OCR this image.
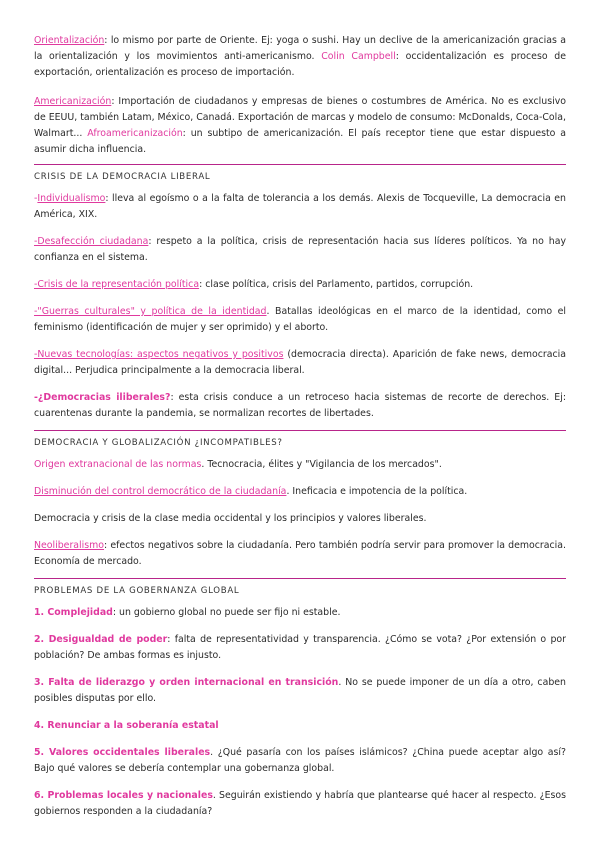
Orientalización: lo mismo por parte de Oriente. Ej: yoga o sushi. Hay un declive de la americanización gracias a la orientalización y los movimientos anti-americanismo. Colin Campbell: occidentalización es proceso de exportación, orientalización es proceso de importación.

Americanización: Importación de ciudadanos y empresas de bienes o costumbres de América. No es exclusivo de EEUU, también Latam, México, Canadá. Exportación de marcas y modelo de consumo: McDonalds, Coca-Cola, Walmart... Afroamericanización: un subtipo de americanización. El país receptor tiene que estar dispuesto a asumir dicha influencia.

CRISIS DE LA DEMOCRACIA LIBERAL

-Individualismo: lleva al egoísmo o a la falta de tolerancia a los demás. Alexis de Tocqueville, La democracia en América, XIX.

-Desafección ciudadana: respeto a la política, crisis de representación hacia sus líderes políticos. Ya no hay confianza en el sistema.

-Crisis de la representación política: clase política, crisis del Parlamento, partidos, corrupción.

-"Guerras culturales" y política de la identidad. Batallas ideológicas en el marco de la identidad, como el feminismo (identificación de mujer y ser oprimido) y el aborto.

-Nuevas tecnologías: aspectos negativos y positivos (democracia directa). Aparición de fake news, democracia digital... Perjudica principalmente a la democracia liberal.

-¿Democracias iliberales?: esta crisis conduce a un retroceso hacia sistemas de recorte de derechos. Ej: cuarentenas durante la pandemia, se normalizan recortes de libertades.

DEMOCRACIA Y GLOBALIZACIÓN ¿INCOMPATIBLES?

Origen extranacional de las normas. Tecnocracia, élites y "Vigilancia de los mercados".

Disminución del control democrático de la ciudadanía. Ineficacia e impotencia de la política.

Democracia y crisis de la clase media occidental y los principios y valores liberales.

Neoliberalismo: efectos negativos sobre la ciudadanía. Pero también podría servir para promover la democracia. Economía de mercado.

PROBLEMAS DE LA GOBERNANZA GLOBAL

1. Complejidad: un gobierno global no puede ser fijo ni estable.

2. Desigualdad de poder: falta de representatividad y transparencia. ¿Cómo se vota? ¿Por extensión o por población? De ambas formas es injusto.

3. Falta de liderazgo y orden internacional en transición. No se puede imponer de un día a otro, caben posibles disputas por ello.

4. Renunciar a la soberanía estatal

5. Valores occidentales liberales. ¿Qué pasaría con los países islámicos? ¿China puede aceptar algo así? Bajo qué valores se debería contemplar una gobernanza global.

6. Problemas locales y nacionales. Seguirán existiendo y habría que plantearse qué hacer al respecto. ¿Esos gobiernos responden a la ciudadanía?
